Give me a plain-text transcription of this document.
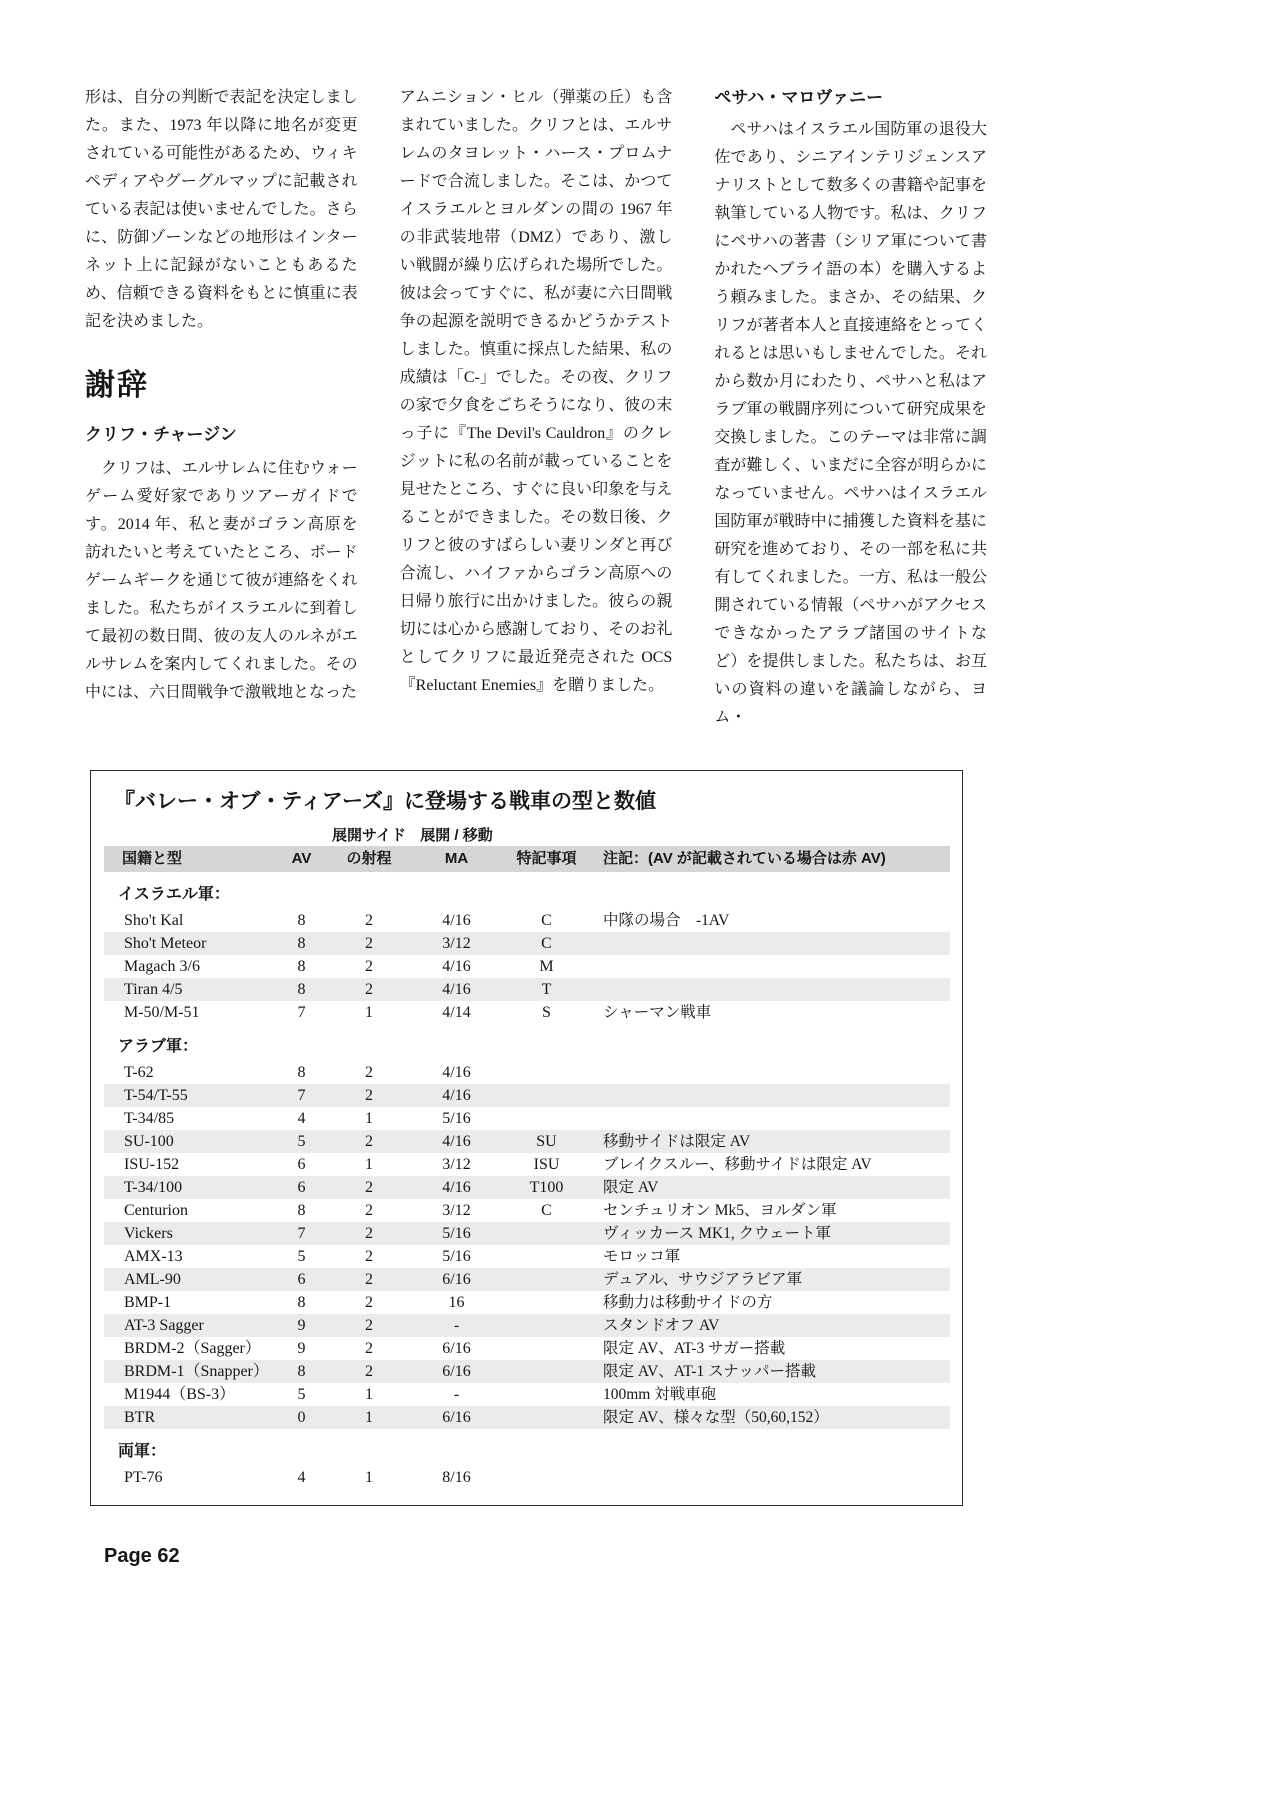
形は、自分の判断で表記を決定しました。また、1973 年以降に地名が変更されている可能性があるため、ウィキペディアやグーグルマップに記載されている表記は使いませんでした。さらに、防御ゾーンなどの地形はインターネット上に記録がないこともあるため、信頼できる資料をもとに慎重に表記を決めました。

謝辞
クリフ・チャージン

クリフは、エルサレムに住むウォーゲーム愛好家でありツアーガイドです。2014 年、私と妻がゴラン高原を訪れたいと考えていたところ、ボードゲームギークを通じて彼が連絡をくれました。私たちがイスラエルに到着して最初の数日間、彼の友人のルネがエルサレムを案内してくれました。その中には、六日間戦争で激戦地となった

アムニション・ヒル（弾薬の丘）も含まれていました。クリフとは、エルサレムのタヨレット・ハース・プロムナードで合流しました。そこは、かつてイスラエルとヨルダンの間の 1967 年の非武装地帯（DMZ）であり、激しい戦闘が繰り広げられた場所でした。彼は会ってすぐに、私が妻に六日間戦争の起源を説明できるかどうかテストしました。慎重に採点した結果、私の成績は「C-」でした。その夜、クリフの家で夕食をごちそうになり、彼の末っ子に『The Devil's Cauldron』のクレジットに私の名前が載っていることを見せたところ、すぐに良い印象を与えることができました。その数日後、クリフと彼のすばらしい妻リンダと再び合流し、ハイファからゴラン高原への日帰り旅行に出かけました。彼らの親切には心から感謝しており、そのお礼としてクリフに最近発売された OCS『Reluctant Enemies』を贈りました。

ペサハ・マロヴァニー

ペサハはイスラエル国防軍の退役大佐であり、シニアインテリジェンスアナリストとして数多くの書籍や記事を執筆している人物です。私は、クリフにペサハの著書（シリア軍について書かれたヘブライ語の本）を購入するよう頼みました。まさか、その結果、クリフが著者本人と直接連絡をとってくれるとは思いもしませんでした。それから数か月にわたり、ペサハと私はアラブ軍の戦闘序列について研究成果を交換しました。このテーマは非常に調査が難しく、いまだに全容が明らかになっていません。ペサハはイスラエル国防軍が戦時中に捕獲した資料を基に研究を進めており、その一部を私に共有してくれました。一方、私は一般公開されている情報（ペサハがアクセスできなかったアラブ諸国のサイトなど）を提供しました。私たちは、お互いの資料の違いを議論しながら、ヨム・

『バレー・オブ・ティアーズ』に登場する戦車の型と数値
		展開サイド	展開 / 移動		
国籍と型	AV	の射程	MA	特記事項	注記：(AV が記載されている場合は赤 AV)
イスラエル軍：					
Sho't Kal	8	2	4/16	C	中隊の場合　-1AV
Sho't Meteor	8	2	3/12	C	
Magach 3/6	8	2	4/16	M	
Tiran 4/5	8	2	4/16	T	
M-50/M-51	7	1	4/14	S	シャーマン戦車
アラブ軍：					
T-62	8	2	4/16		
T-54/T-55	7	2	4/16		
T-34/85	4	1	5/16		
SU-100	5	2	4/16	SU	移動サイドは限定 AV
ISU-152	6	1	3/12	ISU	ブレイクスルー、移動サイドは限定 AV
T-34/100	6	2	4/16	T100	限定 AV
Centurion	8	2	3/12	C	センチュリオン Mk5、ヨルダン軍
Vickers	7	2	5/16		ヴィッカース MK1, クウェート軍
AMX-13	5	2	5/16		モロッコ軍
AML-90	6	2	6/16		デュアル、サウジアラビア軍
BMP-1	8	2	16		移動力は移動サイドの方
AT-3 Sagger	9	2	-		スタンドオフ AV
BRDM-2（Sagger）	9	2	6/16		限定 AV、AT-3 サガー搭載
BRDM-1（Snapper）	8	2	6/16		限定 AV、AT-1 スナッパー搭載
M1944（BS-3）	5	1	-		100mm 対戦車砲
BTR	0	1	6/16		限定 AV、様々な型（50,60,152）
両軍：					
PT-76	4	1	8/16		
Page 62
